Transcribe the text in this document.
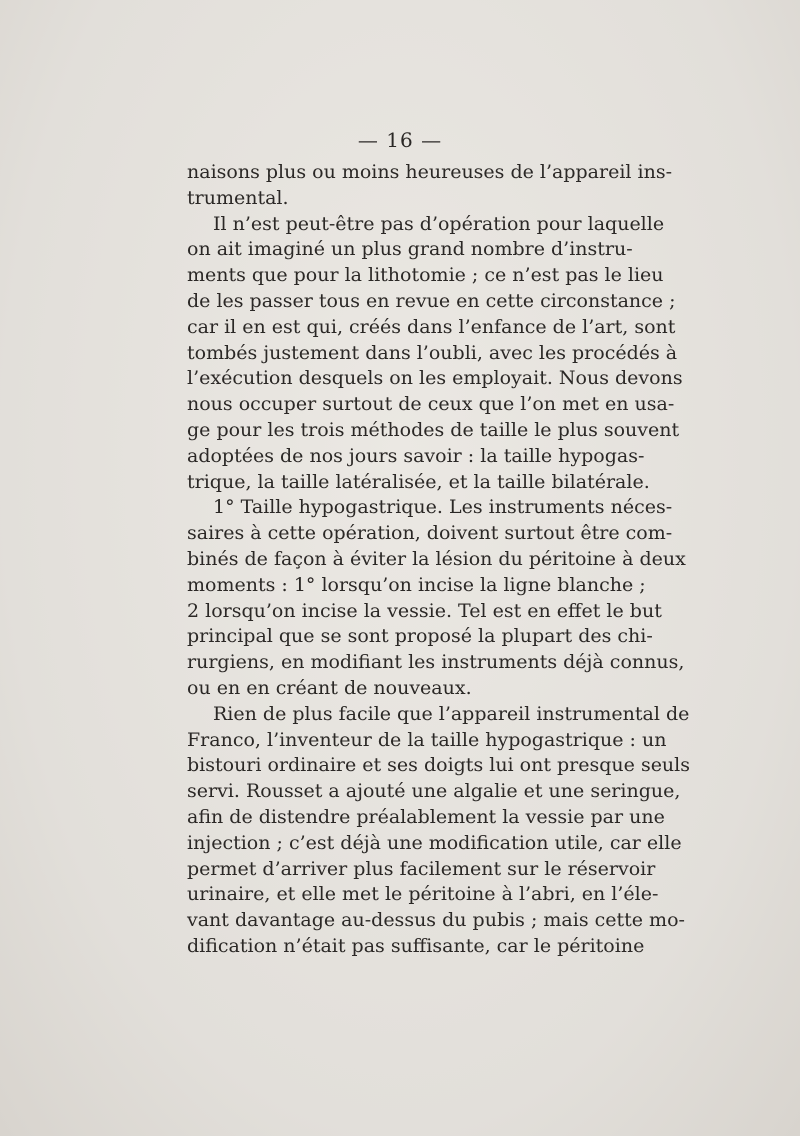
— 16 —
naisons plus ou moins heureuses de l’appareil ins-
trumental.
Il n’est peut-être pas d’opération pour laquelle
on ait imaginé un plus grand nombre d’instru-
ments que pour la lithotomie ; ce n’est pas le lieu
de les passer tous en revue en cette circonstance ;
car il en est qui, créés dans l’enfance de l’art, sont
tombés justement dans l’oubli, avec les procédés à
l’exécution desquels on les employait. Nous devons
nous occuper surtout de ceux que l’on met en usa-
ge pour les trois méthodes de taille le plus souvent
adoptées de nos jours savoir : la taille hypogas-
trique, la taille latéralisée, et la taille bilatérale.
1° Taille hypogastrique. Les instruments néces-
saires à cette opération, doivent surtout être com-
binés de façon à éviter la lésion du péritoine à deux
moments : 1° lorsqu’on incise la ligne blanche ;
2 lorsqu’on incise la vessie. Tel est en effet le but
principal que se sont proposé la plupart des chi-
rurgiens, en modifiant les instruments déjà connus,
ou en en créant de nouveaux.
Rien de plus facile que l’appareil instrumental de
Franco, l’inventeur de la taille hypogastrique : un
bistouri ordinaire et ses doigts lui ont presque seuls
servi. Rousset a ajouté une algalie et une seringue,
afin de distendre préalablement la vessie par une
injection ; c’est déjà une modification utile, car elle
permet d’arriver plus facilement sur le réservoir
urinaire, et elle met le péritoine à l’abri, en l’éle-
vant davantage au-dessus du pubis ; mais cette mo-
dification n’était pas suffisante, car le péritoine
